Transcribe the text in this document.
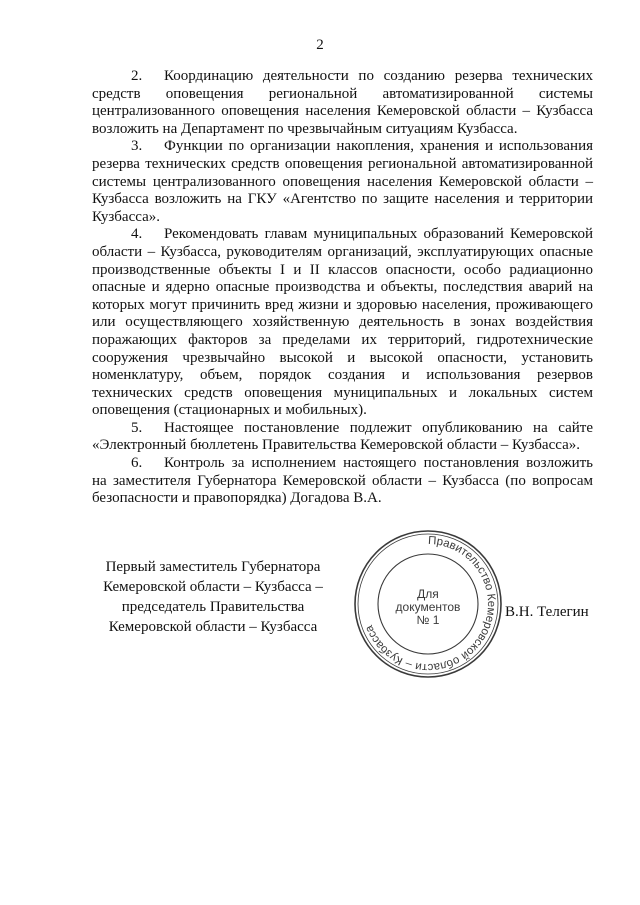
2

2. Координацию деятельности по созданию резерва технических средств оповещения региональной автоматизированной системы централизованного оповещения населения Кемеровской области – Кузбасса возложить на Департамент по чрезвычайным ситуациям Кузбасса.

3. Функции по организации накопления, хранения и использования резерва технических средств оповещения региональной автоматизированной системы централизованного оповещения населения Кемеровской области – Кузбасса возложить на ГКУ «Агентство по защите населения и территории Кузбасса».

4. Рекомендовать главам муниципальных образований Кемеровской области – Кузбасса, руководителям организаций, эксплуатирующих опасные производственные объекты I и II классов опасности, особо радиационно опасные и ядерно опасные производства и объекты, последствия аварий на которых могут причинить вред жизни и здоровью населения, проживающего или осуществляющего хозяйственную деятельность в зонах воздействия поражающих факторов за пределами их территорий, гидротехнические сооружения чрезвычайно высокой и высокой опасности, установить номенклатуру, объем, порядок создания и использования резервов технических средств оповещения муниципальных и локальных систем оповещения (стационарных и мобильных).

5. Настоящее постановление подлежит опубликованию на сайте «Электронный бюллетень Правительства Кемеровской области – Кузбасса».

6. Контроль за исполнением настоящего постановления возложить на заместителя Губернатора Кемеровской области – Кузбасса (по вопросам безопасности и правопорядка) Догадова В.А.

Первый заместитель Губернатора
Кемеровской области – Кузбасса –
председатель Правительства
Кемеровской области – Кузбасса
Правительство Кемеровской области – Кузбасса
Для
документов
№ 1	В.Н. Телегин
